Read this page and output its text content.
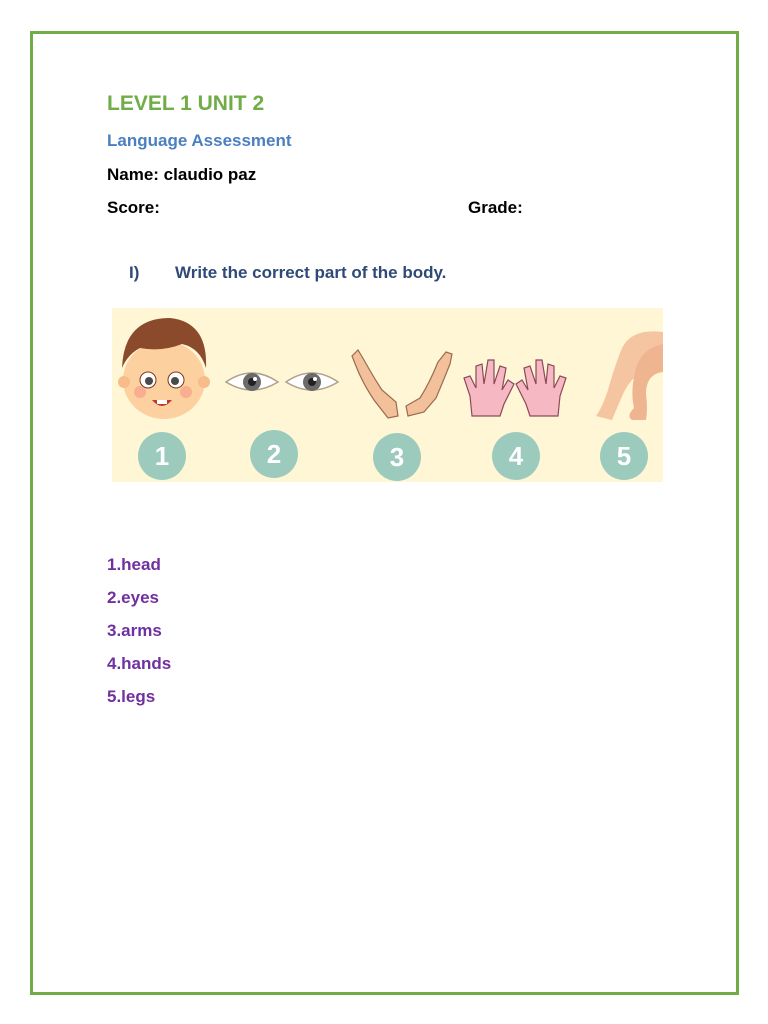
LEVEL 1 UNIT 2
Language Assessment
Name: claudio paz
Score:	Grade:
I) Write the correct part of the body.
1	2	3	4	5
1.head
2.eyes
3.arms
4.hands
5.legs
